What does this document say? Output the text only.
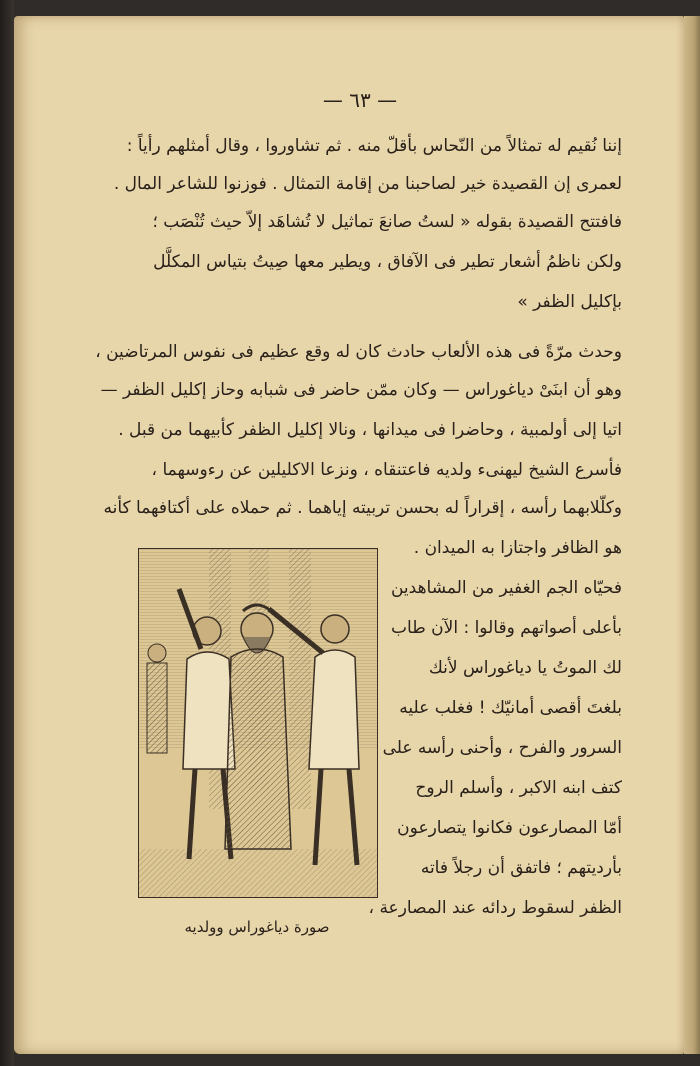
— ٦٣ —
إننا نُقيم له تمثالاً من النّحاس بأقلّ منه . ثم تشاوروا ، وقال أمثلهم رأياً :
لعمرى إن القصيدة خير لصاحبنا من إقامة التمثال . فوزنوا للشاعر المال .
فافتتح القصيدة بقوله « لستُ صانعَ تماثيل لا تُشاهَد إلاّ حيث تُنْصَب ؛
ولكن ناظمُ أشعار تطير فى الآفاق ، ويطير معها صِيتُ بتياس المكلَّل
بإكليل الظفر »
وحدث مرّةً فى هذه الألعاب حادث كان له وقع عظيم فى نفوس المرتاضين ،
وهو أن ابنَىْ دياغوراس — وكان ممّن حاضر فى شبابه وحاز إكليل الظفر —
اتيا إلى أولمبية ، وحاضرا فى ميدانها ، ونالا إكليل الظفر كأبيهما من قبل .
فأسرع الشيخ ليهنىء ولديه فاعتنقاه ، ونزعا الاكليلين عن رءوسهما ،
وكلّلابهما رأسه ، إقراراً له بحسن تربيته إياهما . ثم حملاه على أكتافهما كأنه
هو الظافر واجتازا به الميدان .
فحيّاه الجم الغفير من المشاهدين
بأعلى أصواتهم وقالوا : الآن طاب
لك الموتُ يا دياغوراس لأنك
بلغتَ أقصى أمانيّك ! فغلب عليه
السرور والفرح ، وأحنى رأسه على
كتف ابنه الاكبر ، وأسلم الروح
أمّا المصارعون فكانوا يتصارعون
بأرديتهم ؛ فاتفق أن رجلاً فاته
الظفر لسقوط ردائه عند المصارعة ،
صورة دياغوراس وولديه
